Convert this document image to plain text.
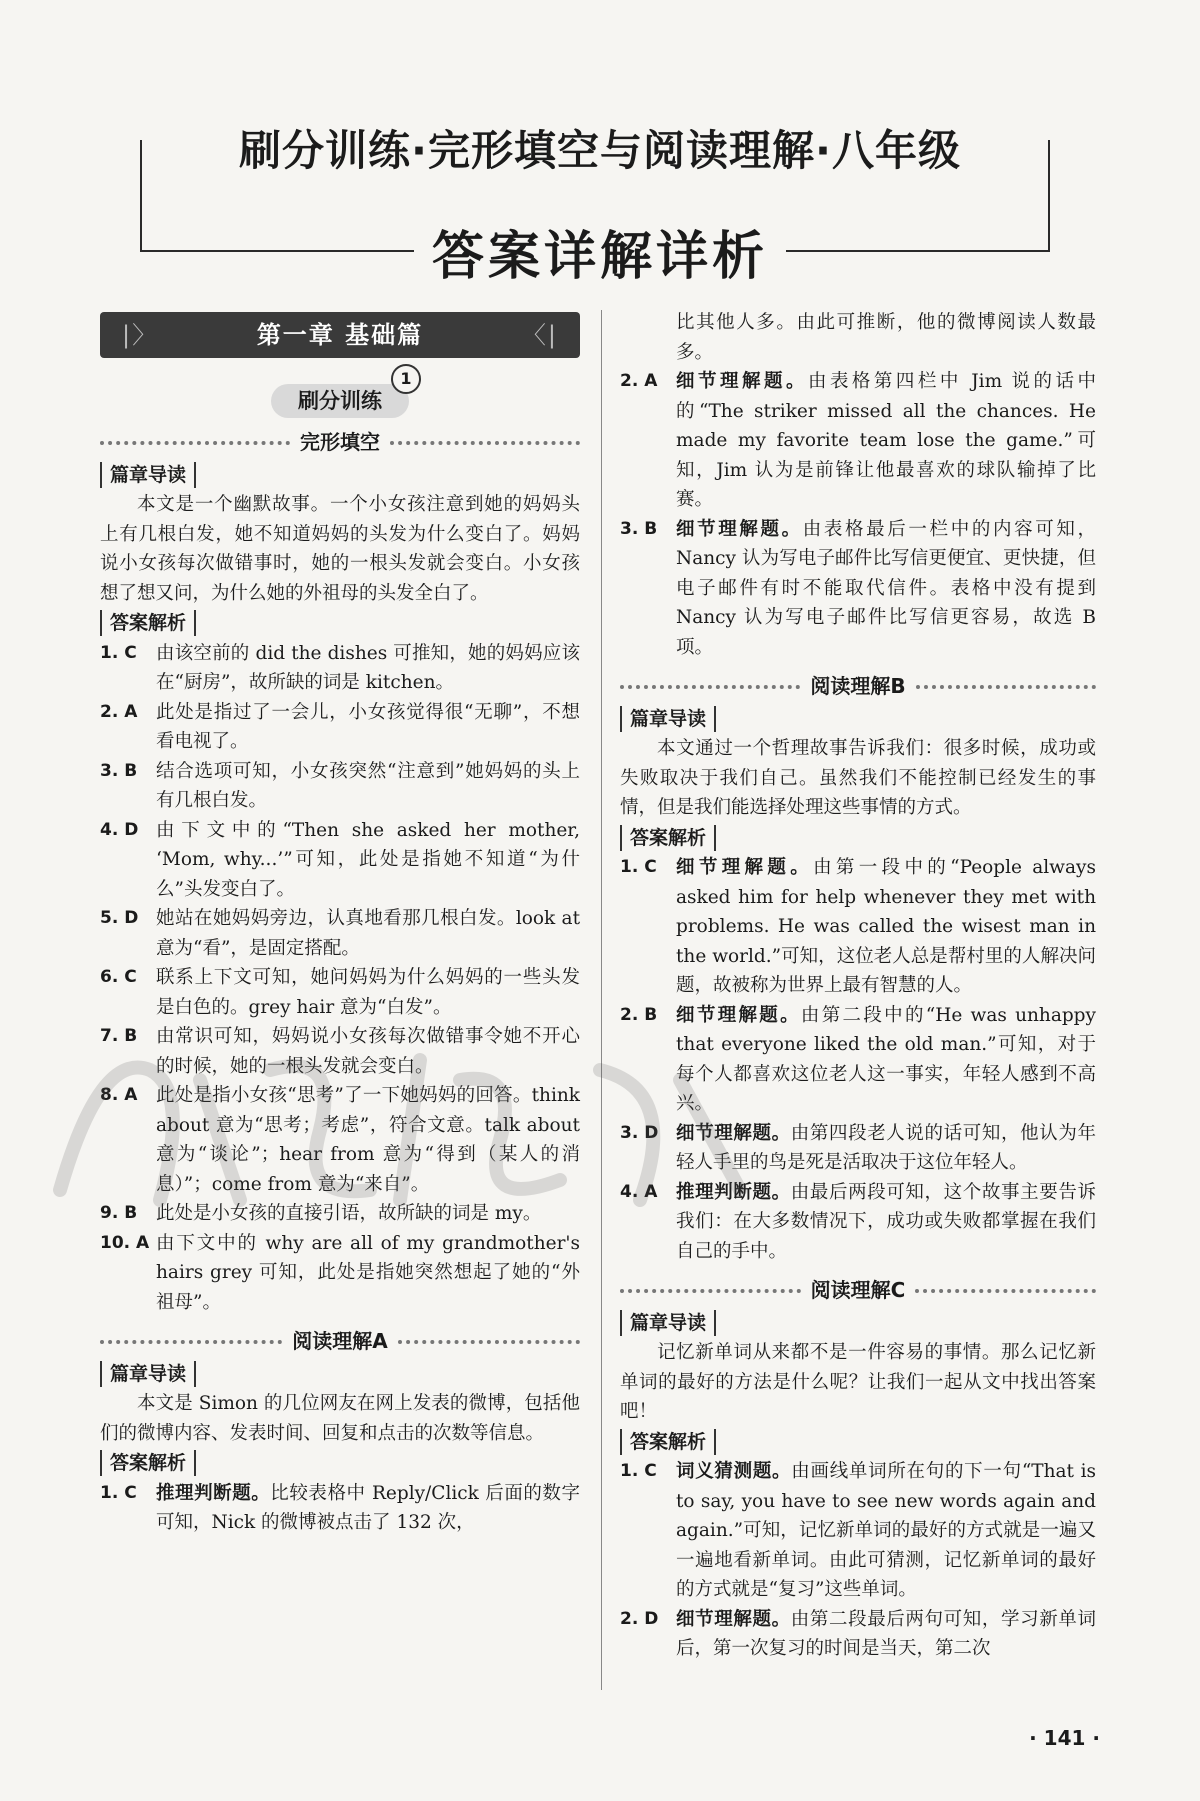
刷分训练·完形填空与阅读理解·八年级
答案详解详析
|〉	第一章 基础篇	〈|
刷分训练
1
完形填空
篇章导读

本文是一个幽默故事。一个小女孩注意到她的妈妈头上有几根白发，她不知道妈妈的头发为什么变白了。妈妈说小女孩每次做错事时，她的一根头发就会变白。小女孩想了想又问，为什么她的外祖母的头发全白了。

答案解析
1. C	由该空前的 did the dishes 可推知，她的妈妈应该在“厨房”，故所缺的词是 kitchen。
2. A	此处是指过了一会儿，小女孩觉得很“无聊”，不想看电视了。
3. B	结合选项可知，小女孩突然“注意到”她妈妈的头上有几根白发。
4. D 由下文中的“Then she asked her mother, ‘Mom, why...’”可知，此处是指她不知道“为什么”头发变白了。
5. D 她站在她妈妈旁边，认真地看那几根白发。look at 意为“看”，是固定搭配。
6. C	联系上下文可知，她问妈妈为什么妈妈的一些头发是白色的。grey hair 意为“白发”。
7. B	由常识可知，妈妈说小女孩每次做错事令她不开心的时候，她的一根头发就会变白。
8. A	此处是指小女孩“思考”了一下她妈妈的回答。think about 意为“思考；考虑”，符合文意。talk about 意为“谈论”；hear from 意为“得到（某人的消息）”；come from 意为“来自”。
9. B	此处是小女孩的直接引语，故所缺的词是 my。
10. A 由下文中的 why are all of my grandmother's hairs grey 可知，此处是指她突然想起了她的“外祖母”。
阅读理解A
篇章导读

本文是 Simon 的几位网友在网上发表的微博，包括他们的微博内容、发表时间、回复和点击的次数等信息。

答案解析
1. C	推理判断题。比较表格中 Reply/Click 后面的数字可知，Nick 的微博被点击了 132 次，
比其他人多。由此可推断，他的微博阅读人数最多。
2. A	细节理解题。由表格第四栏中 Jim 说的话中的“The striker missed all the chances. He made my favorite team lose the game.”可知，Jim 认为是前锋让他最喜欢的球队输掉了比赛。
3. B	细节理解题。由表格最后一栏中的内容可知，Nancy 认为写电子邮件比写信更便宜、更快捷，但电子邮件有时不能取代信件。表格中没有提到 Nancy 认为写电子邮件比写信更容易，故选 B 项。
阅读理解B
篇章导读

本文通过一个哲理故事告诉我们：很多时候，成功或失败取决于我们自己。虽然我们不能控制已经发生的事情，但是我们能选择处理这些事情的方式。

答案解析
1. C	细节理解题。由第一段中的“People always asked him for help whenever they met with problems. He was called the wisest man in the world.”可知，这位老人总是帮村里的人解决问题，故被称为世界上最有智慧的人。
2. B	细节理解题。由第二段中的“He was unhappy that everyone liked the old man.”可知，对于每个人都喜欢这位老人这一事实，年轻人感到不高兴。
3. D 细节理解题。由第四段老人说的话可知，他认为年轻人手里的鸟是死是活取决于这位年轻人。
4. A	推理判断题。由最后两段可知，这个故事主要告诉我们：在大多数情况下，成功或失败都掌握在我们自己的手中。
阅读理解C
篇章导读

记忆新单词从来都不是一件容易的事情。那么记忆新单词的最好的方法是什么呢？让我们一起从文中找出答案吧！

答案解析
1. C	词义猜测题。由画线单词所在句的下一句“That is to say, you have to see new words again and again.”可知，记忆新单词的最好的方式就是一遍又一遍地看新单词。由此可猜测，记忆新单词的最好的方式就是“复习”这些单词。
2. D 细节理解题。由第二段最后两句可知，学习新单词后，第一次复习的时间是当天，第二次
· 141 ·
